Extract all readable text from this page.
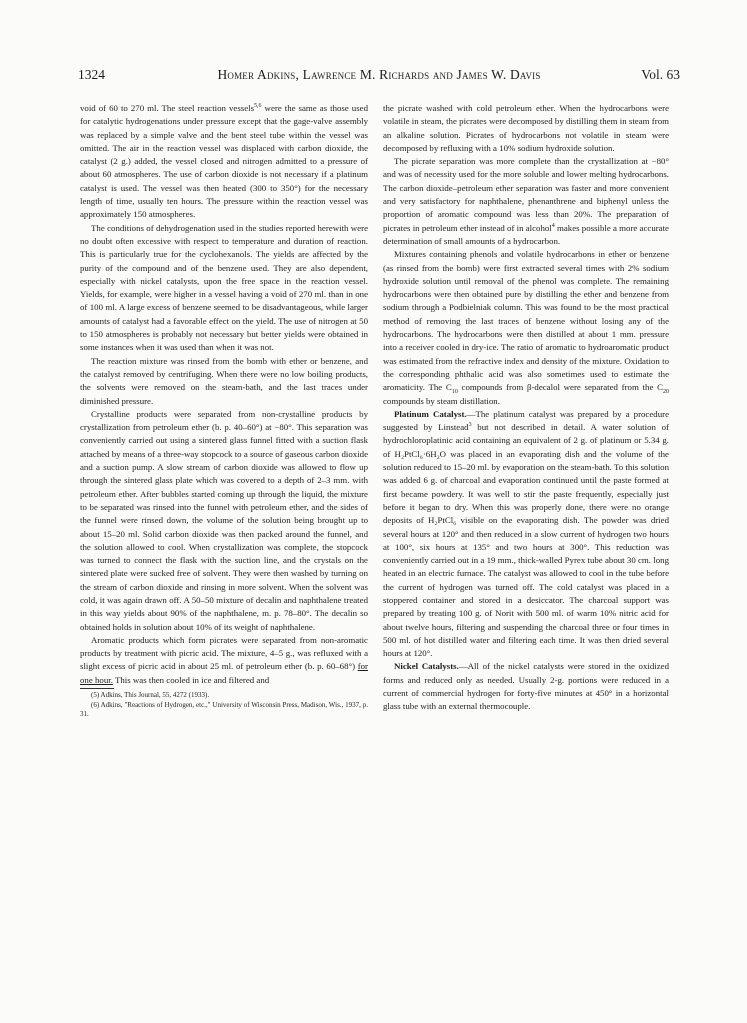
1324	Homer Adkins, Lawrence M. Richards and James W. Davis	Vol. 63

void of 60 to 270 ml. The steel reaction vessels$^{5,6}$ were the same as those used for catalytic hydrogenations under pressure except that the gage-valve assembly was replaced by a simple valve and the bent steel tube within the vessel was omitted. The air in the reaction vessel was displaced with carbon dioxide, the catalyst (2 g.) added, the vessel closed and nitrogen admitted to a pressure of about 60 atmospheres. The use of carbon dioxide is not necessary if a platinum catalyst is used. The vessel was then heated (300 to 350°) for the necessary length of time, usually ten hours. The pressure within the reaction vessel was approximately 150 atmospheres.

The conditions of dehydrogenation used in the studies reported herewith were no doubt often excessive with respect to temperature and duration of reaction. This is particularly true for the cyclohexanols. The yields are affected by the purity of the compound and of the benzene used. They are also dependent, especially with nickel catalysts, upon the free space in the reaction vessel. Yields, for example, were higher in a vessel having a void of 270 ml. than in one of 100 ml. A large excess of benzene seemed to be disadvantageous, while larger amounts of catalyst had a favorable effect on the yield. The use of nitrogen at 50 to 150 atmospheres is probably not necessary but better yields were obtained in some instances when it was used than when it was not.

The reaction mixture was rinsed from the bomb with ether or benzene, and the catalyst removed by centrifuging. When there were no low boiling products, the solvents were removed on the steam-bath, and the last traces under diminished pressure.

Crystalline products were separated from non-crystalline products by crystallization from petroleum ether (b. p. 40–60°) at −80°. This separation was conveniently carried out using a sintered glass funnel fitted with a suction flask attached by means of a three-way stopcock to a source of gaseous carbon dioxide and a suction pump. A slow stream of carbon dioxide was allowed to flow up through the sintered glass plate which was covered to a depth of 2–3 mm. with petroleum ether. After bubbles started coming up through the liquid, the mixture to be separated was rinsed into the funnel with petroleum ether, and the sides of the funnel were rinsed down, the volume of the solution being brought up to about 15–20 ml. Solid carbon dioxide was then packed around the funnel, and the solution allowed to cool. When crystallization was complete, the stopcock was turned to connect the flask with the suction line, and the crystals on the sintered plate were sucked free of solvent. They were then washed by turning on the stream of carbon dioxide and rinsing in more solvent. When the solvent was cold, it was again drawn off. A 50–50 mixture of decalin and naphthalene treated in this way yields about 90% of the naphthalene, m. p. 78–80°. The decalin so obtained holds in solution about 10% of its weight of naphthalene.

Aromatic products which form picrates were separated from non-aromatic products by treatment with picric acid. The mixture, 4–5 g., was refluxed with a slight excess of picric acid in about 25 ml. of petroleum ether (b. p. 60–68°) for one hour. This was then cooled in ice and filtered and

(5) Adkins, This Journal, 55, 4272 (1933).

(6) Adkins, "Reactions of Hydrogen, etc.," University of Wisconsin Press, Madison, Wis., 1937, p. 31.

the picrate washed with cold petroleum ether. When the hydrocarbons were volatile in steam, the picrates were decomposed by distilling them in steam from an alkaline solution. Picrates of hydrocarbons not volatile in steam were decomposed by refluxing with a 10% sodium hydroxide solution.

The picrate separation was more complete than the crystallization at −80° and was of necessity used for the more soluble and lower melting hydrocarbons. The carbon dioxide–petroleum ether separation was faster and more convenient and very satisfactory for naphthalene, phenanthrene and biphenyl unless the proportion of aromatic compound was less than 20%. The preparation of picrates in petroleum ether instead of in alcohol$^4$ makes possible a more accurate determination of small amounts of a hydrocarbon.

Mixtures containing phenols and volatile hydrocarbons in ether or benzene (as rinsed from the bomb) were first extracted several times with 2% sodium hydroxide solution until removal of the phenol was complete. The remaining hydrocarbons were then obtained pure by distilling the ether and benzene from sodium through a Podbielniak column. This was found to be the most practical method of removing the last traces of benzene without losing any of the hydrocarbons. The hydrocarbons were then distilled at about 1 mm. pressure into a receiver cooled in dry-ice. The ratio of aromatic to hydroaromatic product was estimated from the refractive index and density of the mixture. Oxidation to the corresponding phthalic acid was also sometimes used to estimate the aromaticity. The $C_{10}$ compounds from β-decalol were separated from the $C_{20}$ compounds by steam distillation.

Platinum Catalyst.—The platinum catalyst was prepared by a procedure suggested by Linstead$^3$ but not described in detail. A water solution of hydrochloroplatinic acid containing an equivalent of 2 g. of platinum or 5.34 g. of H₂PtCl₆·6H₂O was placed in an evaporating dish and the volume of the solution reduced to 15–20 ml. by evaporation on the steam-bath. To this solution was added 6 g. of charcoal and evaporation continued until the paste formed at first became powdery. It was well to stir the paste frequently, especially just before it began to dry. When this was properly done, there were no orange deposits of H₂PtCl₆ visible on the evaporating dish. The powder was dried several hours at 120° and then reduced in a slow current of hydrogen two hours at 100°, six hours at 135° and two hours at 300°. This reduction was conveniently carried out in a 19 mm., thick-walled Pyrex tube about 30 cm. long heated in an electric furnace. The catalyst was allowed to cool in the tube before the current of hydrogen was turned off. The cold catalyst was placed in a stoppered container and stored in a desiccator. The charcoal support was prepared by treating 100 g. of Norit with 500 ml. of warm 10% nitric acid for about twelve hours, filtering and suspending the charcoal three or four times in 500 ml. of hot distilled water and filtering each time. It was then dried several hours at 120°.

Nickel Catalysts.—All of the nickel catalysts were stored in the oxidized forms and reduced only as needed. Usually 2-g. portions were reduced in a current of commercial hydrogen for forty-five minutes at 450° in a horizontal glass tube with an external thermocouple.
